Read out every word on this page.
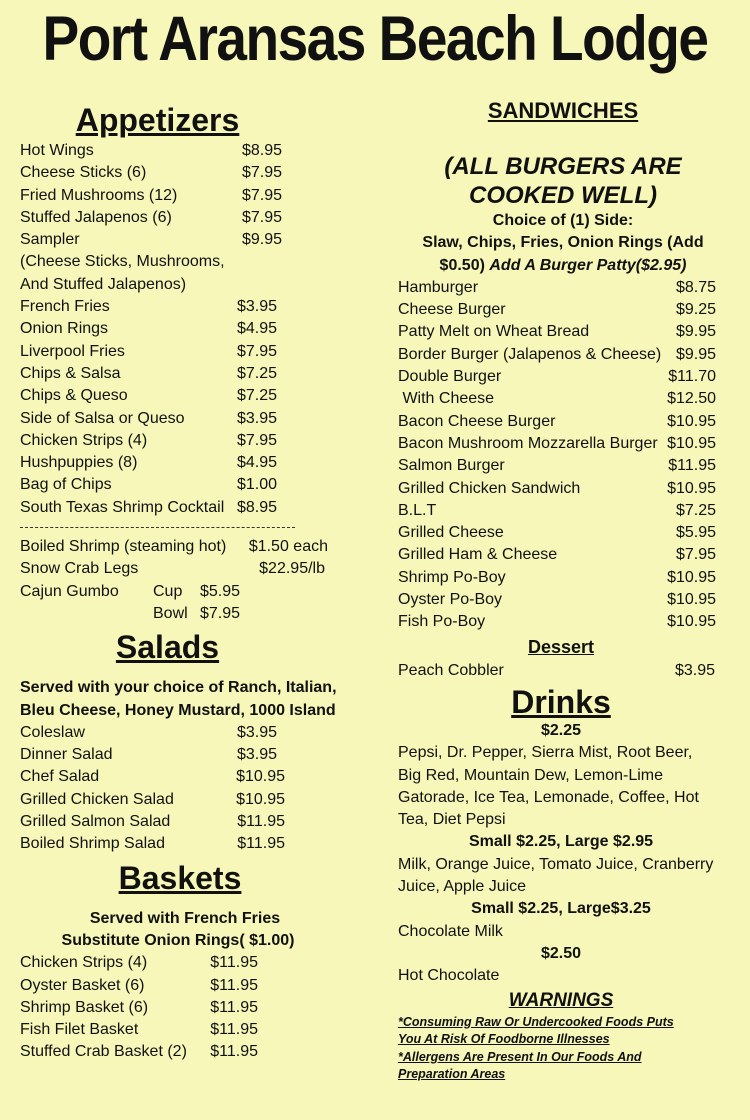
Port Aransas Beach Lodge
Appetizers
Hot Wings	$8.95
Cheese Sticks (6)	$7.95
Fried Mushrooms (12)	$7.95
Stuffed Jalapenos (6)	$7.95
Sampler	$9.95
(Cheese Sticks, Mushrooms,
And Stuffed Jalapenos)
French Fries	$3.95
Onion Rings	$4.95
Liverpool Fries	$7.95
Chips & Salsa	$7.25
Chips & Queso	$7.25
Side of Salsa or Queso	$3.95
Chicken Strips (4)	$7.95
Hushpuppies (8)	$4.95
Bag of Chips	$1.00
South Texas Shrimp Cocktail $8.95
Boiled Shrimp (steaming hot) $1.50 each
Snow Crab Legs	$22.95/lb
Cajun Gumbo Cup $5.95
Bowl $7.95
Salads
Served with your choice of Ranch, Italian,
Bleu Cheese, Honey Mustard, 1000 Island
Coleslaw	$3.95
Dinner Salad	$3.95
Chef Salad	$10.95
Grilled Chicken Salad	$10.95
Grilled Salmon Salad	$11.95
Boiled Shrimp Salad	$11.95
Baskets
Served with French Fries
Substitute Onion Rings( $1.00)
Chicken Strips (4)	$11.95
Oyster Basket (6)	$11.95
Shrimp Basket (6)	$11.95
Fish Filet Basket	$11.95
Stuffed Crab Basket (2) $11.95
SANDWICHES
(ALL BURGERS ARE
COOKED WELL)
Choice of (1) Side:
Slaw, Chips, Fries, Onion Rings (Add
$0.50) Add A Burger Patty($2.95)
Hamburger	$8.75
Cheese Burger	$9.25
Patty Melt on Wheat Bread	$9.95
Border Burger (Jalapenos & Cheese) $9.95
Double Burger	$11.70
With Cheese	$12.50
Bacon Cheese Burger	$10.95
Bacon Mushroom Mozzarella Burger $10.95
Salmon Burger	$11.95
Grilled Chicken Sandwich	$10.95
B.L.T	$7.25
Grilled Cheese	$5.95
Grilled Ham & Cheese	$7.95
Shrimp Po-Boy	$10.95
Oyster Po-Boy	$10.95
Fish Po-Boy	$10.95
Dessert
Peach Cobbler	$3.95
Drinks
$2.25
Pepsi, Dr. Pepper, Sierra Mist, Root Beer,
Big Red, Mountain Dew, Lemon-Lime
Gatorade, Ice Tea, Lemonade, Coffee, Hot
Tea, Diet Pepsi
Small $2.25, Large $2.95
Milk, Orange Juice, Tomato Juice, Cranberry
Juice, Apple Juice
Small $2.25, Large$3.25
Chocolate Milk
$2.50
Hot Chocolate
WARNINGS
*Consuming Raw Or Undercooked Foods Puts
You At Risk Of Foodborne Illnesses
*Allergens Are Present In Our Foods And
Preparation Areas
